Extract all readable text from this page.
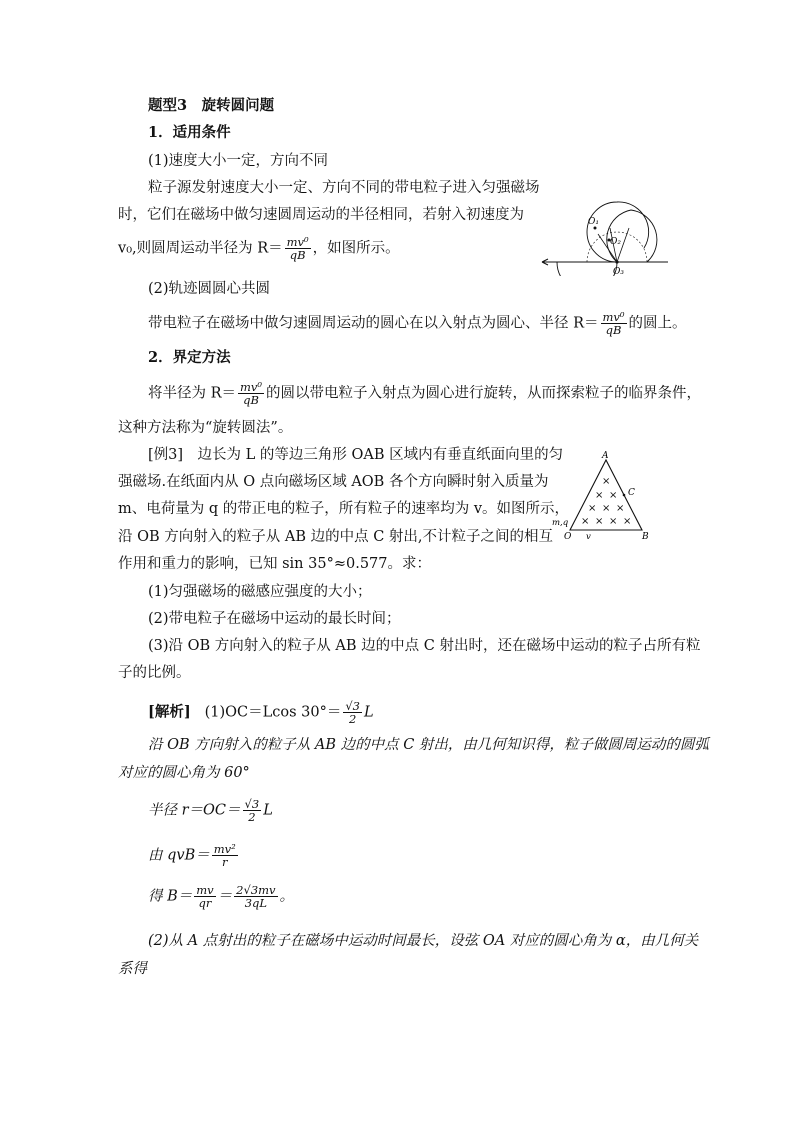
题型3　旋转圆问题
1．适用条件
(1)速度大小一定，方向不同
粒子源发射速度大小一定、方向不同的带电粒子进入匀强磁场
时，它们在磁场中做匀速圆周运动的半径相同，若射入初速度为
v₀,则圆周运动半径为 $R= \frac{\text{mv⁰}}{qB}$ ，如图所示。
O₁
O₂
O₃
(2)轨迹圆圆心共圆
带电粒子在磁场中做匀速圆周运动的圆心在以入射点为圆心、半径 $R= \frac{\text{mv⁰}}{qB}$ 的圆上。
2．界定方法
将半径为 $R= \frac{\text{mv⁰}}{qB}$ 的圆以带电粒子入射点为圆心进行旋转，从而探索粒子的临界条件，
这种方法称为“旋转圆法”。
[例3]　边长为 L 的等边三角形 OAB 区域内有垂直纸面向里的匀
强磁场.在纸面内从 O 点向磁场区域 AOB 各个方向瞬时射入质量为
m、电荷量为 q 的带正电的粒子，所有粒子的速率均为 v。如图所示，
沿 OB 方向射入的粒子从 AB 边的中点 C 射出,不计粒子之间的相互
作用和重力的影响，已知 sin 35°≈0.577。求：
×
× ×
× × ×
× × × ×
A
C
O	B
m,q
v
(1)匀强磁场的磁感应强度的大小；
(2)带电粒子在磁场中运动的最长时间；
(3)沿 OB 方向射入的粒子从 AB 边的中点 C 射出时，还在磁场中运动的粒子占所有粒
子的比例。
[解析] (1)OC＝Lcos $30^\circ= \frac{√3}{2}$ L
沿 OB 方向射入的粒子从 AB 边的中点 C 射出，由几何知识得，粒子做圆周运动的圆弧
对应的圆心角为 60°
半径 $r=OC= \frac{√3}{2}$ L
由 $qvB= \frac{\text{mv²}}{r}$
得 $B= \frac{mv}{qr} = \frac{2√3mv}{3qL}$ 。
(2)从 A 点射出的粒子在磁场中运动时间最长，设弦 OA 对应的圆心角为 α，由几何关
系得
